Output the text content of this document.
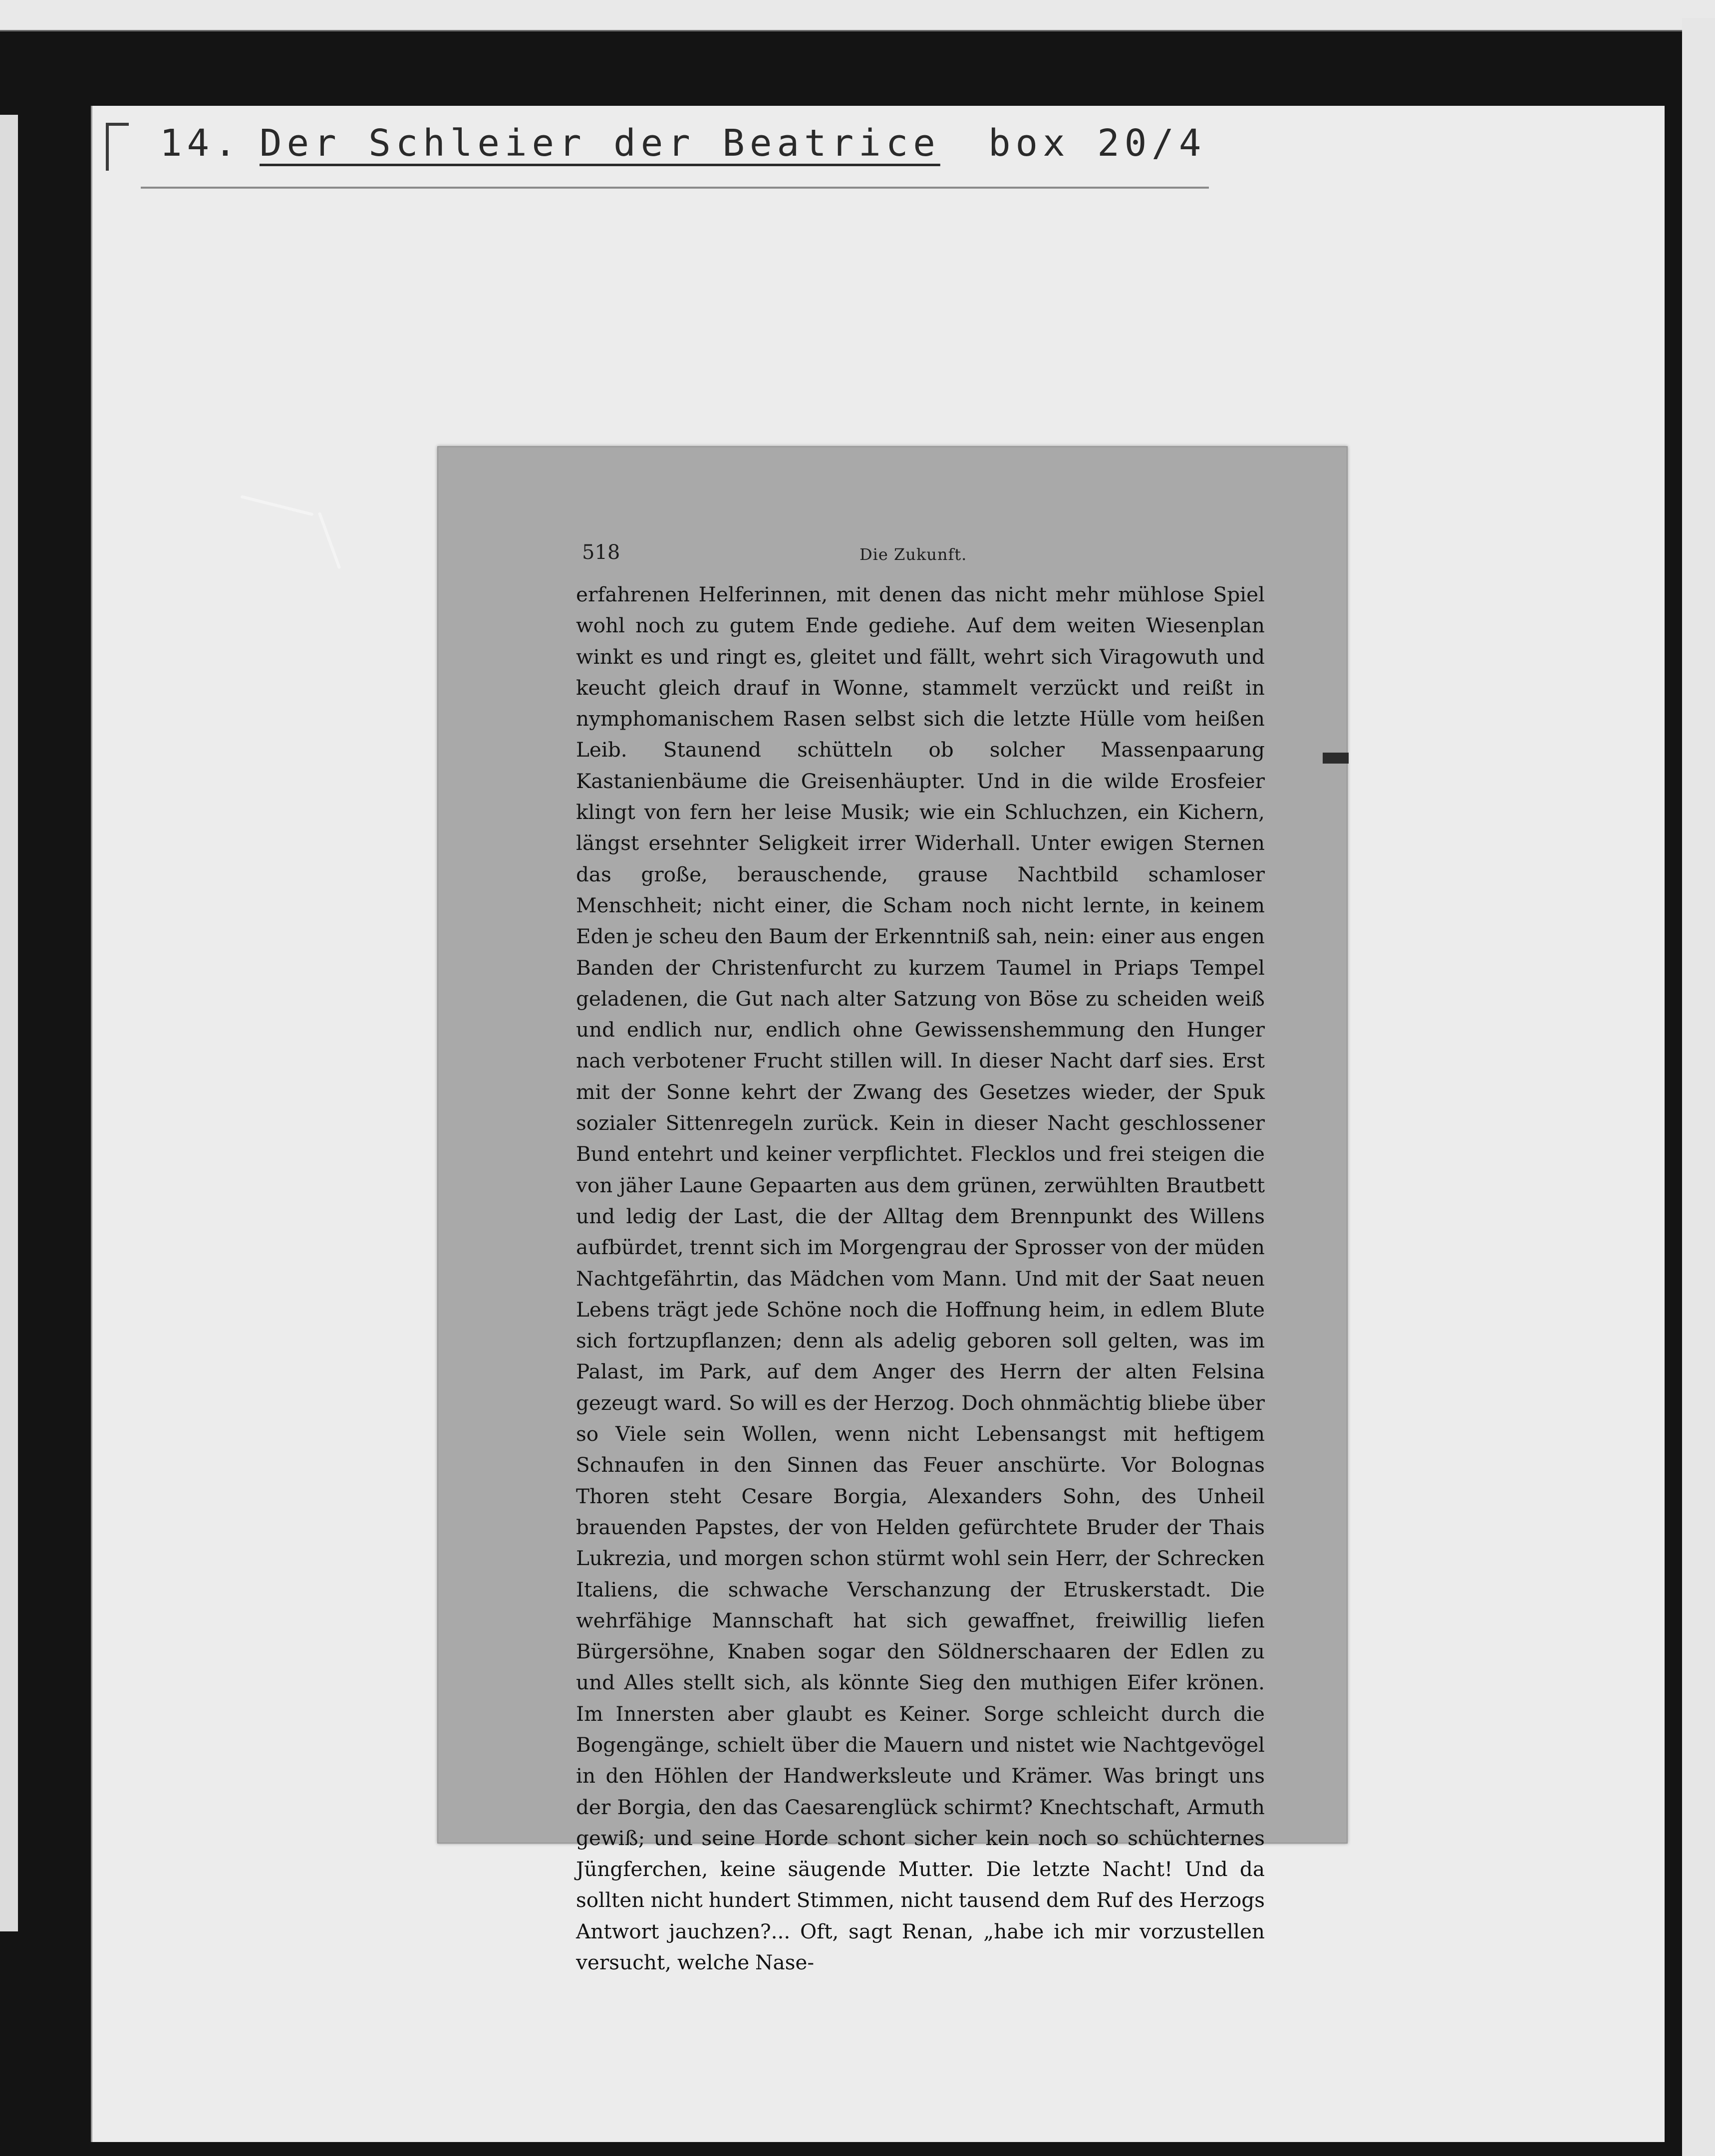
14. Der Schleier der Beatrice box 20/4
518	Die Zukunft.
erfahrenen Helferinnen, mit denen das nicht mehr mühlose Spiel wohl noch zu gutem Ende gediehe. Auf dem weiten Wiesenplan winkt es und ringt es, gleitet und fällt, wehrt sich Viragowuth und keucht gleich drauf in Wonne, stammelt verzückt und reißt in nymphomanischem Rasen selbst sich die letzte Hülle vom heißen Leib. Staunend schütteln ob solcher Massenpaarung Kastanienbäume die Greisenhäupter. Und in die wilde Erosfeier klingt von fern her leise Musik; wie ein Schluchzen, ein Kichern, längst ersehnter Seligkeit irrer Widerhall. Unter ewigen Sternen das große, berauschende, grause Nachtbild schamloser Menschheit; nicht einer, die Scham noch nicht lernte, in keinem Eden je scheu den Baum der Erkenntniß sah, nein: einer aus engen Banden der Christenfurcht zu kurzem Taumel in Priaps Tempel geladenen, die Gut nach alter Satzung von Böse zu scheiden weiß und endlich nur, endlich ohne Gewissenshemmung den Hunger nach verbotener Frucht stillen will. In dieser Nacht darf sies. Erst mit der Sonne kehrt der Zwang des Gesetzes wieder, der Spuk sozialer Sittenregeln zurück. Kein in dieser Nacht geschlossener Bund entehrt und keiner verpflichtet. Flecklos und frei steigen die von jäher Laune Gepaarten aus dem grünen, zerwühlten Brautbett und ledig der Last, die der Alltag dem Brennpunkt des Willens aufbürdet, trennt sich im Morgengrau der Sprosser von der müden Nachtgefährtin, das Mädchen vom Mann. Und mit der Saat neuen Lebens trägt jede Schöne noch die Hoffnung heim, in edlem Blute sich fortzupflanzen; denn als adelig geboren soll gelten, was im Palast, im Park, auf dem Anger des Herrn der alten Felsina gezeugt ward. So will es der Herzog. Doch ohnmächtig bliebe über so Viele sein Wollen, wenn nicht Lebensangst mit heftigem Schnaufen in den Sinnen das Feuer anschürte. Vor Bolognas Thoren steht Cesare Borgia, Alexanders Sohn, des Unheil brauenden Papstes, der von Helden gefürchtete Bruder der Thais Lukrezia, und morgen schon stürmt wohl sein Herr, der Schrecken Italiens, die schwache Verschanzung der Etruskerstadt. Die wehrfähige Mannschaft hat sich gewaffnet, freiwillig liefen Bürgersöhne, Knaben sogar den Söldnerschaaren der Edlen zu und Alles stellt sich, als könnte Sieg den muthigen Eifer krönen. Im Innersten aber glaubt es Keiner. Sorge schleicht durch die Bogengänge, schielt über die Mauern und nistet wie Nachtgevögel in den Höhlen der Handwerksleute und Krämer. Was bringt uns der Borgia, den das Caesarenglück schirmt? Knechtschaft, Armuth gewiß; und seine Horde schont sicher kein noch so schüchternes Jüngferchen, keine säugende Mutter. Die letzte Nacht! Und da sollten nicht hundert Stimmen, nicht tausend dem Ruf des Herzogs Antwort jauchzen?... Oft, sagt Renan, „habe ich mir vorzustellen versucht, welche Nase-
